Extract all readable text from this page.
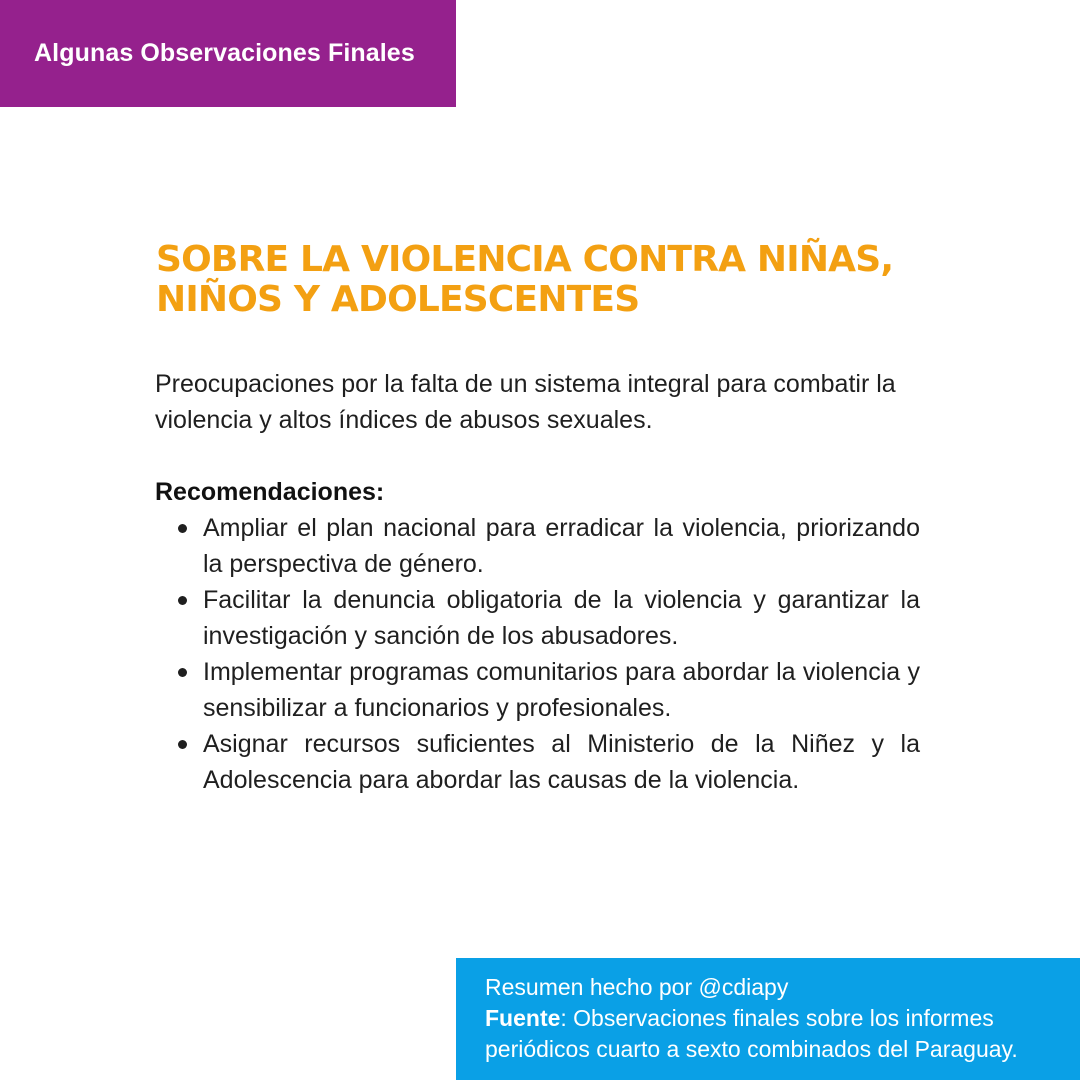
Algunas Observaciones Finales
SOBRE LA VIOLENCIA CONTRA NIÑAS,
NIÑOS Y ADOLESCENTES

Preocupaciones por la falta de un sistema integral para combatir la violencia y altos índices de abusos sexuales.

Recomendaciones:

Ampliar el plan nacional para erradicar la violencia, priorizando la perspectiva de género.
Facilitar la denuncia obligatoria de la violencia y garantizar la investigación y sanción de los abusadores.
Implementar programas comunitarios para abordar la violencia y sensibilizar a funcionarios y profesionales.
Asignar recursos suficientes al Ministerio de la Niñez y la Adolescencia para abordar las causas de la violencia.

Resumen hecho por @cdiapy

Fuente: Observaciones finales sobre los informes periódicos cuarto a sexto combinados del Paraguay.
